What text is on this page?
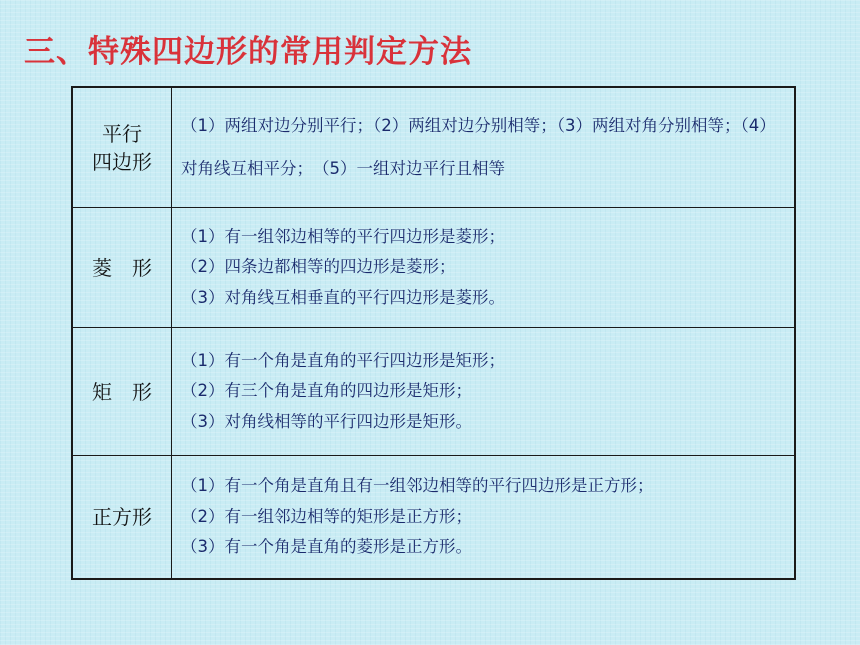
三、特殊四边形的常用判定方法
平行
四边形
（1）两组对边分别平行；（2）两组对边分别相等；（3）两组对角分别相等；（4）对角线互相平分；　（5）一组对边平行且相等
菱　形
（1）有一组邻边相等的平行四边形是菱形；
（2）四条边都相等的四边形是菱形；
（3）对角线互相垂直的平行四边形是菱形。
矩　形
（1）有一个角是直角的平行四边形是矩形；
（2）有三个角是直角的四边形是矩形；
（3）对角线相等的平行四边形是矩形。
正方形
（1）有一个角是直角且有一组邻边相等的平行四边形是正方形；
（2）有一组邻边相等的矩形是正方形；
（3）有一个角是直角的菱形是正方形。
